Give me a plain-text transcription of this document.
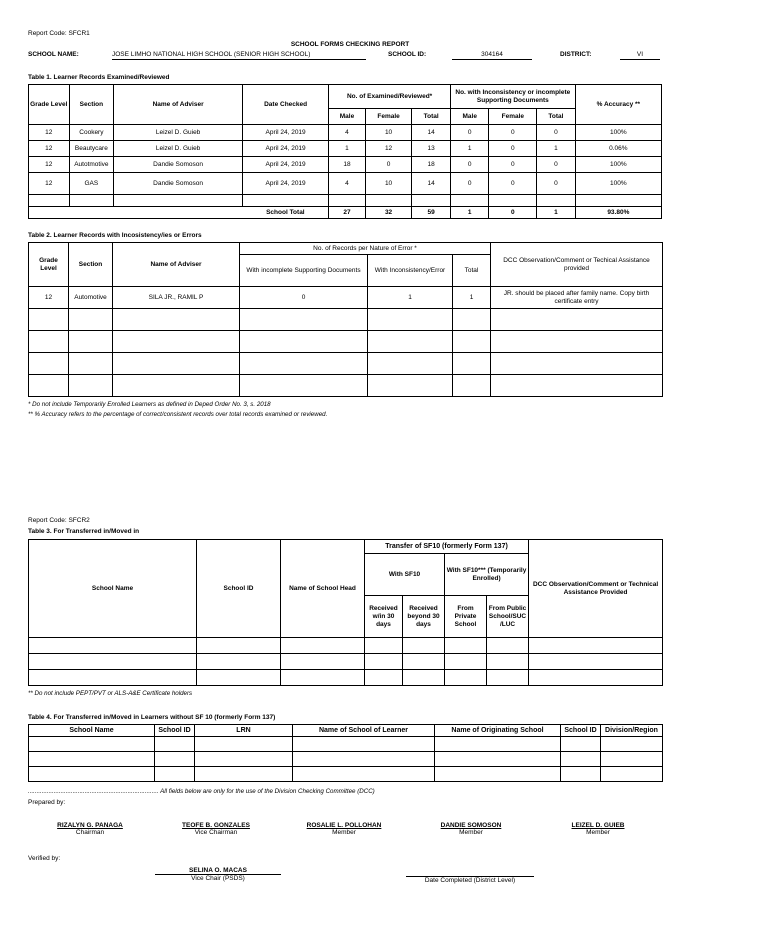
Report Code: SFCR1
SCHOOL FORMS CHECKING REPORT
SCHOOL NAME:	JOSE LIMHO NATIONAL HIGH SCHOOL (SENIOR HIGH SCHOOL)	SCHOOL ID:	304164	DISTRICT:	VI
Table 1. Learner Records Examined/Reviewed
Grade Level	Section	Name of Adviser	Date Checked	No. of Examined/Reviewed*			No. with Inconsistency or incomplete Supporting Documents			% Accuracy **
				Male	Female	Total	Male	Female	Total	
12	Cookery	Leizel D. Guieb	April 24, 2019	4	10	14	0	0	0	100%
12	Beautycare	Leizel D. Guieb	April 24, 2019	1	12	13	1	0	1	0.06%
12	Autotmotive	Dandie Somoson	April 24, 2019	18	0	18	0	0	0	100%
12	GAS	Dandie Somoson	April 24, 2019	4	10	14	0	0	0	100%

			School Total	27	32	59	1	0	1	93.80%
Table 2. Learner Records with Incosistency/ies or Errors
Grade Level	Section	Name of Adviser	No. of Records per Nature of Error *			DCC Observation/Comment or Techical Assistance provided
			With incomplete Supporting Documents	With Inconsistency/Error	Total	
12	Automotive	SILA JR., RAMIL P	0	1	1	JR. should be placed after family name. Copy birth certificate entry

* Do not include Temporarily Enrolled Learners as defined in Deped Order No. 3, s. 2018
** % Accuracy refers to the percentage of correct/consistent records over total records examined or reviewed.
Report Code: SFCR2
Table 3. For Transferred in/Moved in
School Name	School ID	Name of School Head	Transfer of SF10 (formerly Form 137)				DCC Observation/Comment or Technical Assistance Provided
			With SF10		With SF10*** (Temporarily Enrolled)		
			Received w/in 30 days	Received beyond 30 days	From Private School	From Public School/SUC /LUC	

** Do not include PEPT/PVT or ALS-A&E Certificate holders
Table 4. For Transferred in/Moved in Learners without SF 10 (formerly Form 137)
School Name	School ID	LRN	Name of School of Learner	Name of Originating School	School ID	Division/Region

............................................................................ All fields below are only for the use of the Division Checking Committee (DCC)
Prepared by:
RIZALYN G. PANAGA
Chairman
TEOFE B. GONZALES
Vice Chairman
ROSALIE L. POLLOHAN
Member
DANDIE SOMOSON
Member
LEIZEL D. GUIEB
Member
Verified by:
SELINA O. MACAS
Vice Chair (PSDS)	Date Completed (District Level)
